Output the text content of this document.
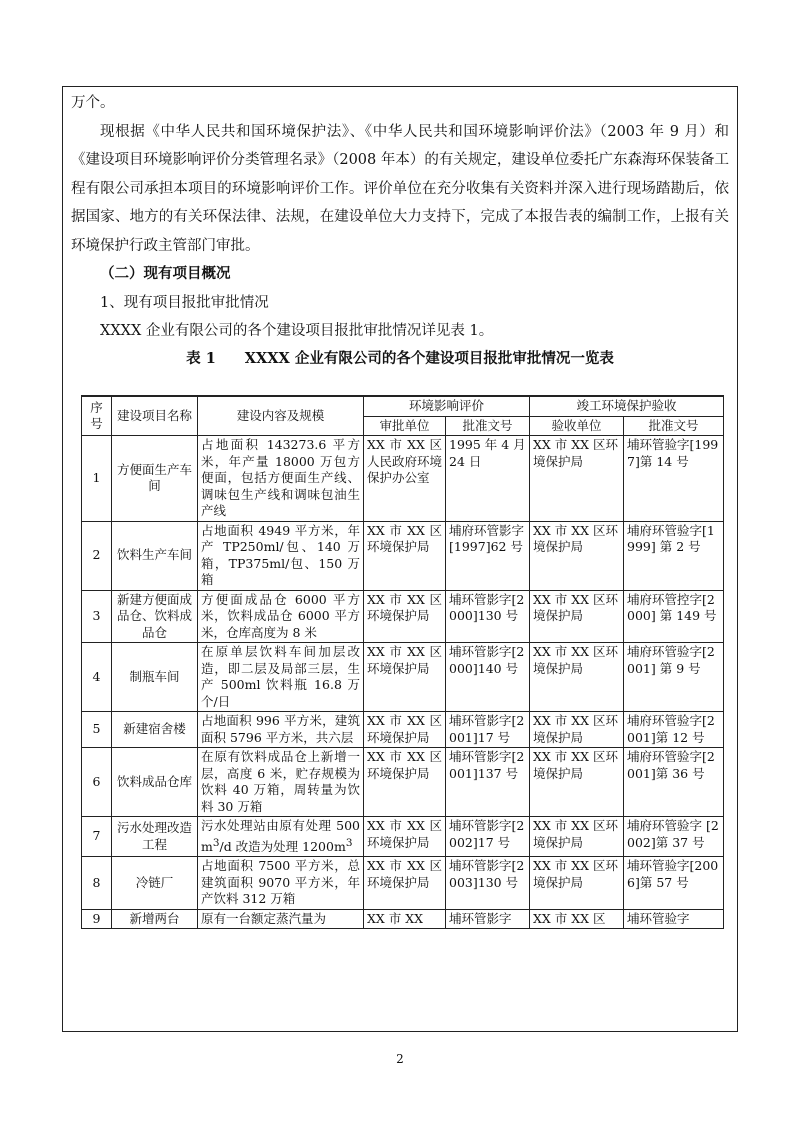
万个。

现根据《中华人民共和国环境保护法》、《中华人民共和国环境影响评价法》（2003 年 9 月）和《建设项目环境影响评价分类管理名录》（2008 年本）的有关规定，建设单位委托广东森海环保装备工程有限公司承担本项目的环境影响评价工作。评价单位在充分收集有关资料并深入进行现场踏勘后，依据国家、地方的有关环保法律、法规，在建设单位大力支持下，完成了本报告表的编制工作，上报有关环境保护行政主管部门审批。

（二）现有项目概况

1、现有项目报批审批情况

XXXX 企业有限公司的各个建设项目报批审批情况详见表 1。

表 1　　XXXX 企业有限公司的各个建设项目报批审批情况一览表

序号	建设项目名称	建设内容及规模	环境影响评价		竣工环境保护验收	
			审批单位	批准文号	验收单位	批准文号
1	方便面生产车间	占地面积 143273.6 平方米，年产量 18000 万包方便面，包括方便面生产线、调味包生产线和调味包油生产线	XX 市 XX 区人民政府环境保护办公室	1995 年 4 月 24 日	XX 市 XX 区环境保护局	埔环管验字[1997]第 14 号
2	饮料生产车间	占地面积 4949 平方米，年产 TP250ml/包、140 万箱，TP375ml/包、150 万箱	XX 市 XX 区环境保护局	埔府环管影字[1997]62 号	XX 市 XX 区环境保护局	埔府环管验字[1999] 第 2 号
3	新建方便面成品仓、饮料成品仓	方便面成品仓 6000 平方米，饮料成品仓 6000 平方米，仓库高度为 8 米	XX 市 XX 区环境保护局	埔环管影字[2000]130 号	XX 市 XX 区环境保护局	埔府环管控字[2000] 第 149 号
4	制瓶车间	在原单层饮料车间加层改造，即二层及局部三层，生产 500ml 饮料瓶 16.8 万个/日	XX 市 XX 区环境保护局	埔环管影字[2000]140 号	XX 市 XX 区环境保护局	埔府环管验字[2001] 第 9 号
5	新建宿舍楼	占地面积 996 平方米，建筑面积 5796 平方米，共六层	XX 市 XX 区环境保护局	埔环管影字[2001]17 号	XX 市 XX 区环境保护局	埔府环管验字[2001]第 12 号
6	饮料成品仓库	在原有饮料成品仓上新增一层，高度 6 米，贮存规模为饮料 40 万箱，周转量为饮料 30 万箱	XX 市 XX 区环境保护局	埔环管影字[2001]137 号	XX 市 XX 区环境保护局	埔府环管验字[2001]第 36 号
7	污水处理改造工程	污水处理站由原有处理 $500m^3/d$ 改造为处理 $1200m^3$	XX 市 XX 区环境保护局	埔环管影字[2002]17 号	XX 市 XX 区环境保护局	埔府环管验字 [2002]第 37 号
8	冷链厂	占地面积 7500 平方米，总建筑面积 9070 平方米，年产饮料 312 万箱	XX 市 XX 区环境保护局	埔环管影字[2003]130 号	XX 市 XX 区环境保护局	埔环管验字[2006]第 57 号
9	新增两台	原有一台额定蒸汽量为	XX 市 XX	埔环管影字	XX 市 XX 区	埔环管验字
2
